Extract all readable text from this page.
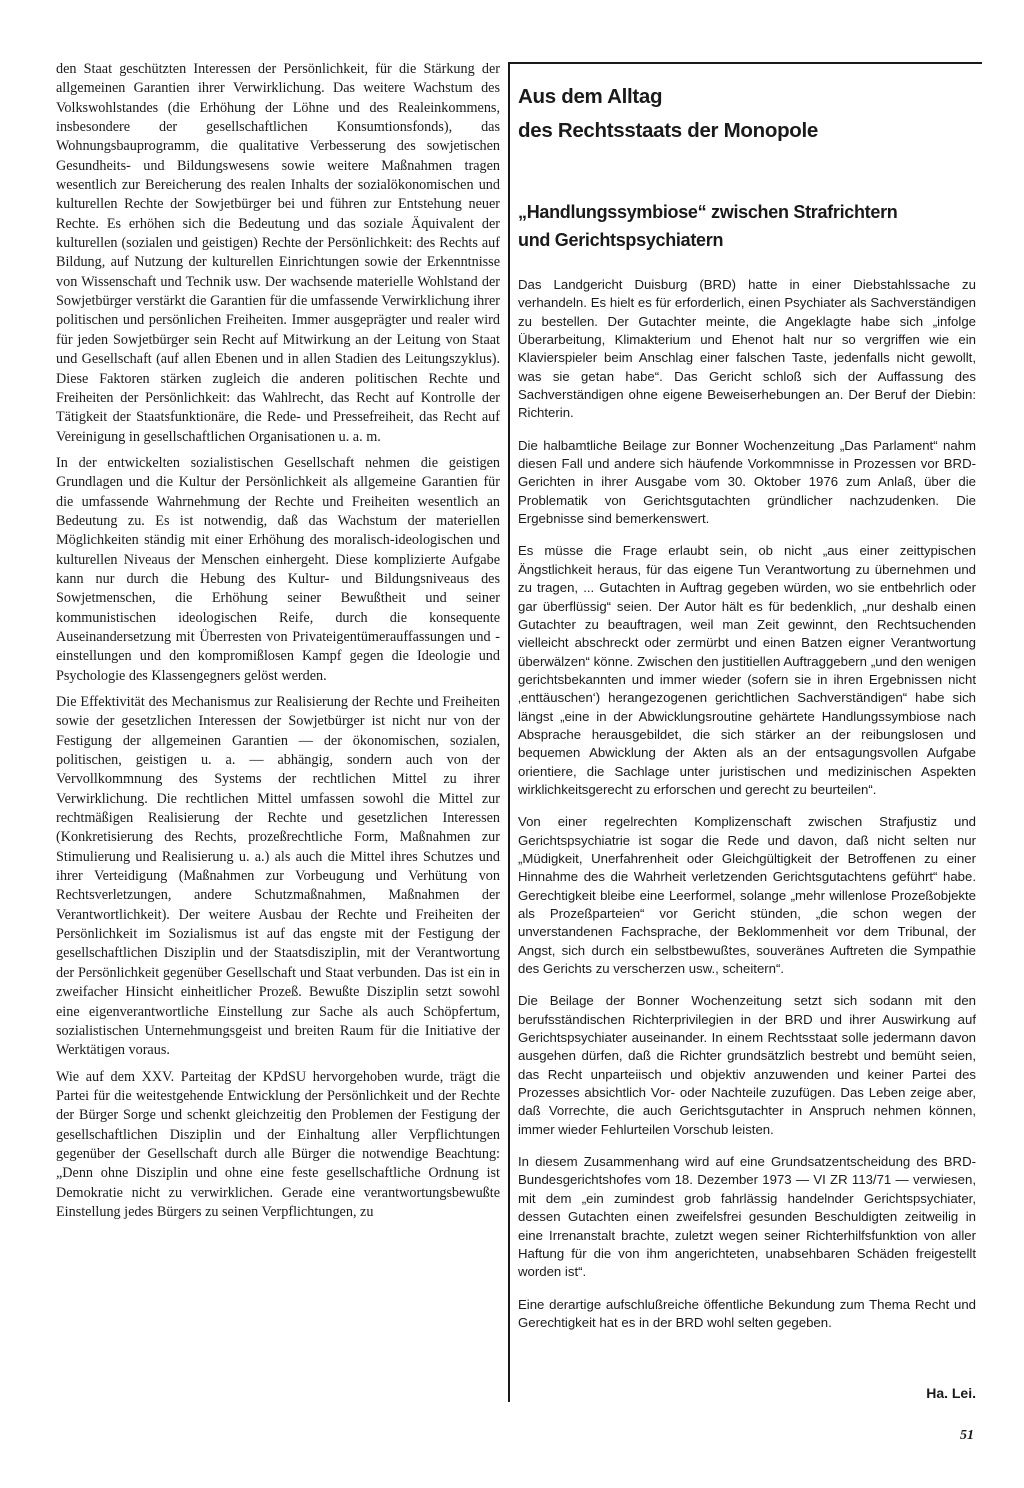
den Staat geschützten Interessen der Persönlichkeit, für die Stärkung der allgemeinen Garantien ihrer Verwirklichung. Das weitere Wachstum des Volkswohlstandes (die Erhöhung der Löhne und des Realeinkommens, insbesondere der gesellschaftlichen Konsumtionsfonds), das Wohnungsbauprogramm, die qualitative Verbesserung des sowjetischen Gesundheits- und Bildungswesens sowie weitere Maßnahmen tragen wesentlich zur Bereicherung des realen Inhalts der sozialökonomischen und kulturellen Rechte der Sowjetbürger bei und führen zur Entstehung neuer Rechte. Es erhöhen sich die Bedeutung und das soziale Äquivalent der kulturellen (sozialen und geistigen) Rechte der Persönlichkeit: des Rechts auf Bildung, auf Nutzung der kulturellen Einrichtungen sowie der Erkenntnisse von Wissenschaft und Technik usw. Der wachsende materielle Wohlstand der Sowjetbürger verstärkt die Garantien für die umfassende Verwirklichung ihrer politischen und persönlichen Freiheiten. Immer ausgeprägter und realer wird für jeden Sowjetbürger sein Recht auf Mitwirkung an der Leitung von Staat und Gesellschaft (auf allen Ebenen und in allen Stadien des Leitungszyklus). Diese Faktoren stärken zugleich die anderen politischen Rechte und Freiheiten der Persönlichkeit: das Wahlrecht, das Recht auf Kontrolle der Tätigkeit der Staatsfunktionäre, die Rede- und Pressefreiheit, das Recht auf Vereinigung in gesellschaftlichen Organisationen u. a. m.

In der entwickelten sozialistischen Gesellschaft nehmen die geistigen Grundlagen und die Kultur der Persönlichkeit als allgemeine Garantien für die umfassende Wahrnehmung der Rechte und Freiheiten wesentlich an Bedeutung zu. Es ist notwendig, daß das Wachstum der materiellen Möglichkeiten ständig mit einer Erhöhung des moralisch-ideologischen und kulturellen Niveaus der Menschen einhergeht. Diese komplizierte Aufgabe kann nur durch die Hebung des Kultur- und Bildungsniveaus des Sowjetmenschen, die Erhöhung seiner Bewußtheit und seiner kommunistischen ideologischen Reife, durch die konsequente Auseinandersetzung mit Überresten von Privateigentümerauffassungen und -einstellungen und den kompromißlosen Kampf gegen die Ideologie und Psychologie des Klassengegners gelöst werden.

Die Effektivität des Mechanismus zur Realisierung der Rechte und Freiheiten sowie der gesetzlichen Interessen der Sowjetbürger ist nicht nur von der Festigung der allgemeinen Garantien — der ökonomischen, sozialen, politischen, geistigen u. a. — abhängig, sondern auch von der Vervollkommnung des Systems der rechtlichen Mittel zu ihrer Verwirklichung. Die rechtlichen Mittel umfassen sowohl die Mittel zur rechtmäßigen Realisierung der Rechte und gesetzlichen Interessen (Konkretisierung des Rechts, prozeßrechtliche Form, Maßnahmen zur Stimulierung und Realisierung u. a.) als auch die Mittel ihres Schutzes und ihrer Verteidigung (Maßnahmen zur Vorbeugung und Verhütung von Rechtsverletzungen, andere Schutzmaßnahmen, Maßnahmen der Verantwortlichkeit). Der weitere Ausbau der Rechte und Freiheiten der Persönlichkeit im Sozialismus ist auf das engste mit der Festigung der gesellschaftlichen Disziplin und der Staatsdisziplin, mit der Verantwortung der Persönlichkeit gegenüber Gesellschaft und Staat verbunden. Das ist ein in zweifacher Hinsicht einheitlicher Prozeß. Bewußte Disziplin setzt sowohl eine eigenverantwortliche Einstellung zur Sache als auch Schöpfertum, sozialistischen Unternehmungsgeist und breiten Raum für die Initiative der Werktätigen voraus.

Wie auf dem XXV. Parteitag der KPdSU hervorgehoben wurde, trägt die Partei für die weitestgehende Entwicklung der Persönlichkeit und der Rechte der Bürger Sorge und schenkt gleichzeitig den Problemen der Festigung der gesellschaftlichen Disziplin und der Einhaltung aller Verpflichtungen gegenüber der Gesellschaft durch alle Bürger die notwendige Beachtung: „Denn ohne Disziplin und ohne eine feste gesellschaftliche Ordnung ist Demokratie nicht zu verwirklichen. Gerade eine verantwortungsbewußte Einstellung jedes Bürgers zu seinen Verpflichtungen, zu

Aus dem Alltag
des Rechtsstaats der Monopole
„Handlungssymbiose“ zwischen Strafrichtern
und Gerichtspsychiatern

Das Landgericht Duisburg (BRD) hatte in einer Diebstahlssache zu verhandeln. Es hielt es für erforderlich, einen Psychiater als Sachverständigen zu bestellen. Der Gutachter meinte, die Angeklagte habe sich „infolge Überarbeitung, Klimakterium und Ehenot halt nur so vergriffen wie ein Klavierspieler beim Anschlag einer falschen Taste, jedenfalls nicht gewollt, was sie getan habe“. Das Gericht schloß sich der Auffassung des Sachverständigen ohne eigene Beweiserhebungen an. Der Beruf der Diebin: Richterin.

Die halbamtliche Beilage zur Bonner Wochenzeitung „Das Parlament“ nahm diesen Fall und andere sich häufende Vorkommnisse in Prozessen vor BRD-Gerichten in ihrer Ausgabe vom 30. Oktober 1976 zum Anlaß, über die Problematik von Gerichtsgutachten gründlicher nachzudenken. Die Ergebnisse sind bemerkenswert.

Es müsse die Frage erlaubt sein, ob nicht „aus einer zeittypischen Ängstlichkeit heraus, für das eigene Tun Verantwortung zu übernehmen und zu tragen, ... Gutachten in Auftrag gegeben würden, wo sie entbehrlich oder gar überflüssig“ seien. Der Autor hält es für bedenklich, „nur deshalb einen Gutachter zu beauftragen, weil man Zeit gewinnt, den Rechtsuchenden vielleicht abschreckt oder zermürbt und einen Batzen eigner Verantwortung überwälzen“ könne. Zwischen den justitiellen Auftraggebern „und den wenigen gerichtsbekannten und immer wieder (sofern sie in ihren Ergebnissen nicht ‚enttäuschen‘) herangezogenen gerichtlichen Sachverständigen“ habe sich längst „eine in der Abwicklungsroutine gehärtete Handlungssymbiose nach Absprache herausgebildet, die sich stärker an der reibungslosen und bequemen Abwicklung der Akten als an der entsagungsvollen Aufgabe orientiere, die Sachlage unter juristischen und medizinischen Aspekten wirklichkeitsgerecht zu erforschen und gerecht zu beurteilen“.

Von einer regelrechten Komplizenschaft zwischen Strafjustiz und Gerichtspsychiatrie ist sogar die Rede und davon, daß nicht selten nur „Müdigkeit, Unerfahrenheit oder Gleichgültigkeit der Betroffenen zu einer Hinnahme des die Wahrheit verletzenden Gerichtsgutachtens geführt“ habe. Gerechtigkeit bleibe eine Leerformel, solange „mehr willenlose Prozeßobjekte als Prozeßparteien“ vor Gericht stünden, „die schon wegen der unverstandenen Fachsprache, der Beklommenheit vor dem Tribunal, der Angst, sich durch ein selbstbewußtes, souveränes Auftreten die Sympathie des Gerichts zu verscherzen usw., scheitern“.

Die Beilage der Bonner Wochenzeitung setzt sich sodann mit den berufsständischen Richterprivilegien in der BRD und ihrer Auswirkung auf Gerichtspsychiater auseinander. In einem Rechtsstaat solle jedermann davon ausgehen dürfen, daß die Richter grundsätzlich bestrebt und bemüht seien, das Recht unparteiisch und objektiv anzuwenden und keiner Partei des Prozesses absichtlich Vor- oder Nachteile zuzufügen. Das Leben zeige aber, daß Vorrechte, die auch Gerichtsgutachter in Anspruch nehmen können, immer wieder Fehlurteilen Vorschub leisten.

In diesem Zusammenhang wird auf eine Grundsatzentscheidung des BRD-Bundesgerichtshofes vom 18. Dezember 1973 — VI ZR 113/71 — verwiesen, mit dem „ein zumindest grob fahrlässig handelnder Gerichtspsychiater, dessen Gutachten einen zweifelsfrei gesunden Beschuldigten zeitweilig in eine Irrenanstalt brachte, zuletzt wegen seiner Richterhilfsfunktion von aller Haftung für die von ihm angerichteten, unabsehbaren Schäden freigestellt worden ist“.

Eine derartige aufschlußreiche öffentliche Bekundung zum Thema Recht und Gerechtigkeit hat es in der BRD wohl selten gegeben.

Ha. Lei.
51
